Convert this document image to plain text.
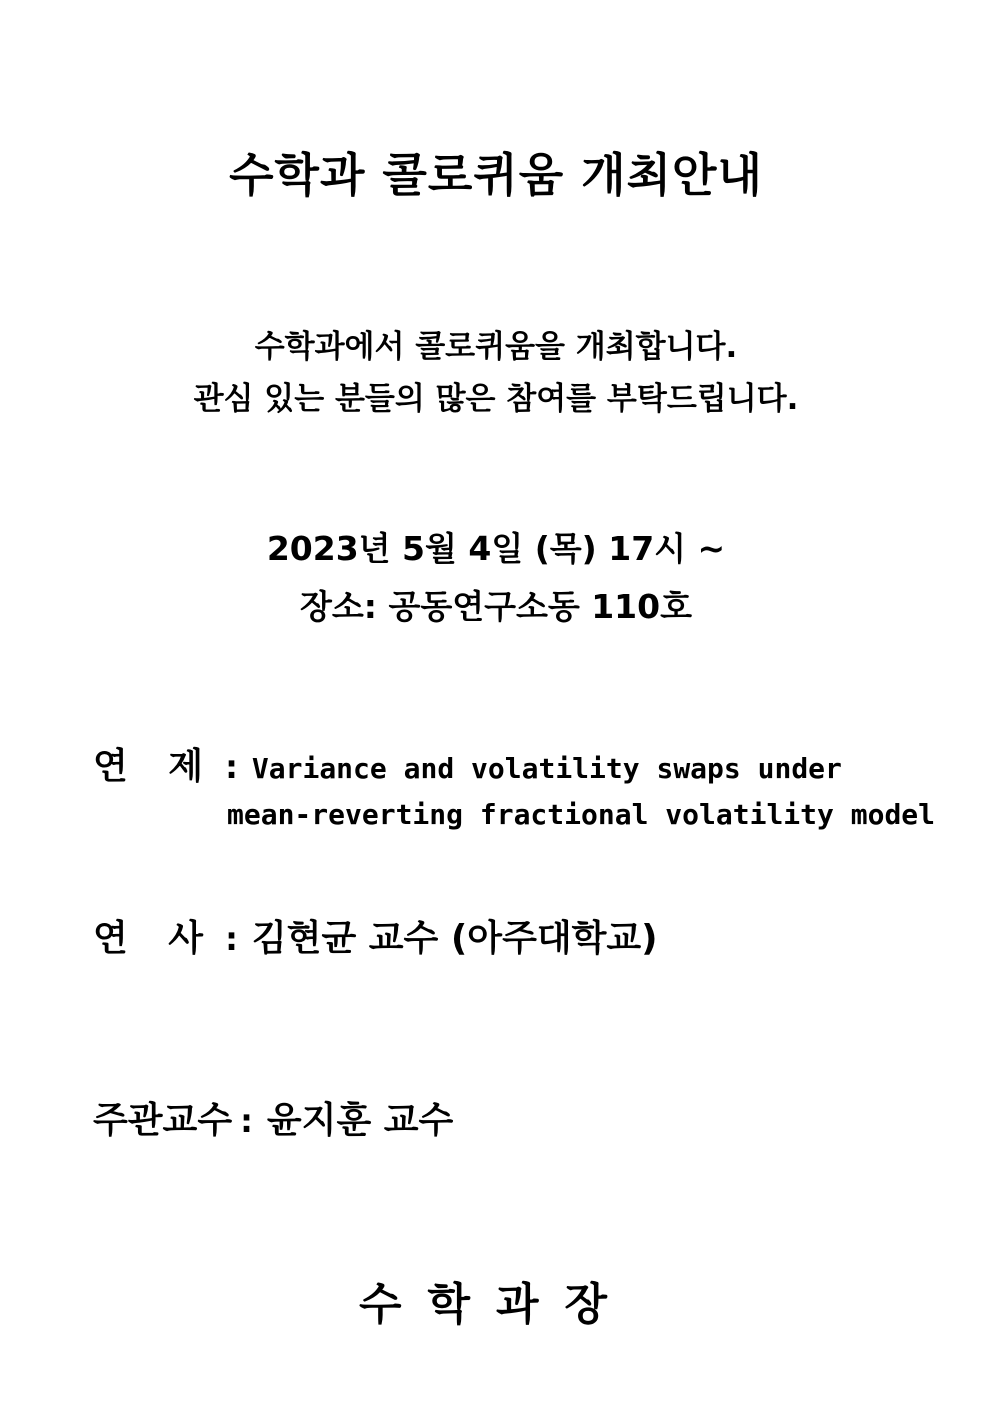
수학과 콜로퀴움 개최안내
수학과에서 콜로퀴움을 개최합니다.
관심 있는 분들의 많은 참여를 부탁드립니다.
2023년 5월 4일 (목) 17시 ~
장소: 공동연구소동 110호
연 제 : Variance and volatility swaps under
mean-reverting fractional volatility model
연 사 : 김현균 교수 (아주대학교)
주관교수 : 윤지훈 교수
수학과장
